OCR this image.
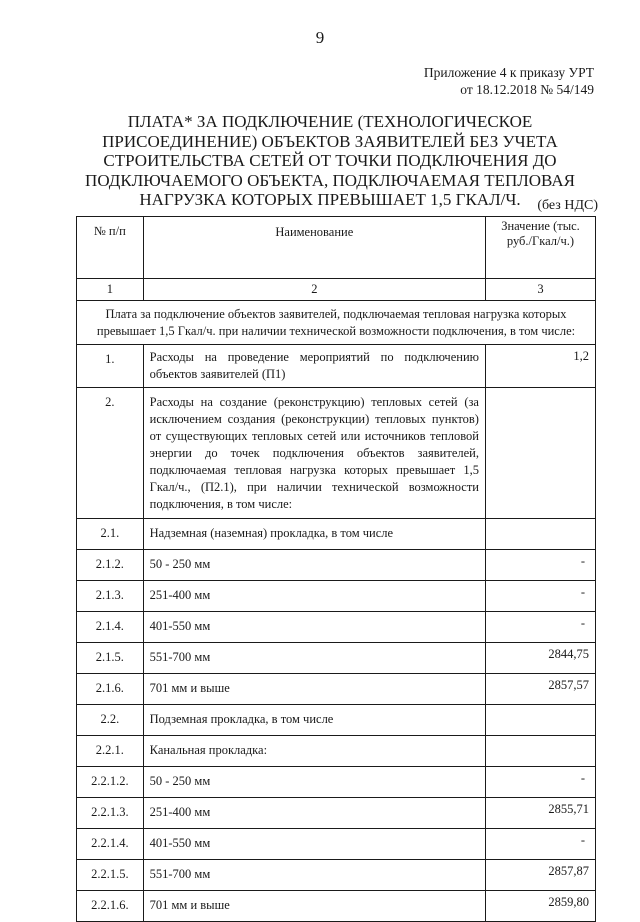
9
Приложение 4 к приказу УРТ
от 18.12.2018 № 54/149
ПЛАТА* ЗА ПОДКЛЮЧЕНИЕ (ТЕХНОЛОГИЧЕСКОЕ ПРИСОЕДИНЕНИЕ) ОБЪЕКТОВ ЗАЯВИТЕЛЕЙ БЕЗ УЧЕТА СТРОИТЕЛЬСТВА СЕТЕЙ ОТ ТОЧКИ ПОДКЛЮЧЕНИЯ ДО ПОДКЛЮЧАЕМОГО ОБЪЕКТА, ПОДКЛЮЧАЕМАЯ ТЕПЛОВАЯ НАГРУЗКА КОТОРЫХ ПРЕВЫШАЕТ 1,5 ГКАЛ/Ч.	(без НДС)
№ п/п	Наименование	Значение (тыс. руб./Гкал/ч.)
1	2	3
Плата за подключение объектов заявителей, подключаемая тепловая нагрузка которых превышает 1,5 Гкал/ч. при наличии технической возможности подключения, в том числе:		
1.	Расходы на проведение мероприятий по подключению объектов заявителей (П1)	1,2
2.	Расходы на создание (реконструкцию) тепловых сетей (за исключением создания (реконструкции) тепловых пунктов) от существующих тепловых сетей или источников тепловой энергии до точек подключения объектов заявителей, подключаемая тепловая нагрузка которых превышает 1,5 Гкал/ч., (П2.1), при наличии технической возможности подключения, в том числе:	
2.1.	Надземная (наземная) прокладка, в том числе	
2.1.2.	50 - 250 мм	-
2.1.3.	251-400 мм	-
2.1.4.	401-550 мм	-
2.1.5.	551-700 мм	2844,75
2.1.6.	701 мм и выше	2857,57
2.2.	Подземная прокладка, в том числе	
2.2.1.	Канальная прокладка:	
2.2.1.2.	50 - 250 мм	-
2.2.1.3.	251-400 мм	2855,71
2.2.1.4.	401-550 мм	-
2.2.1.5.	551-700 мм	2857,87
2.2.1.6.	701 мм и выше	2859,80
